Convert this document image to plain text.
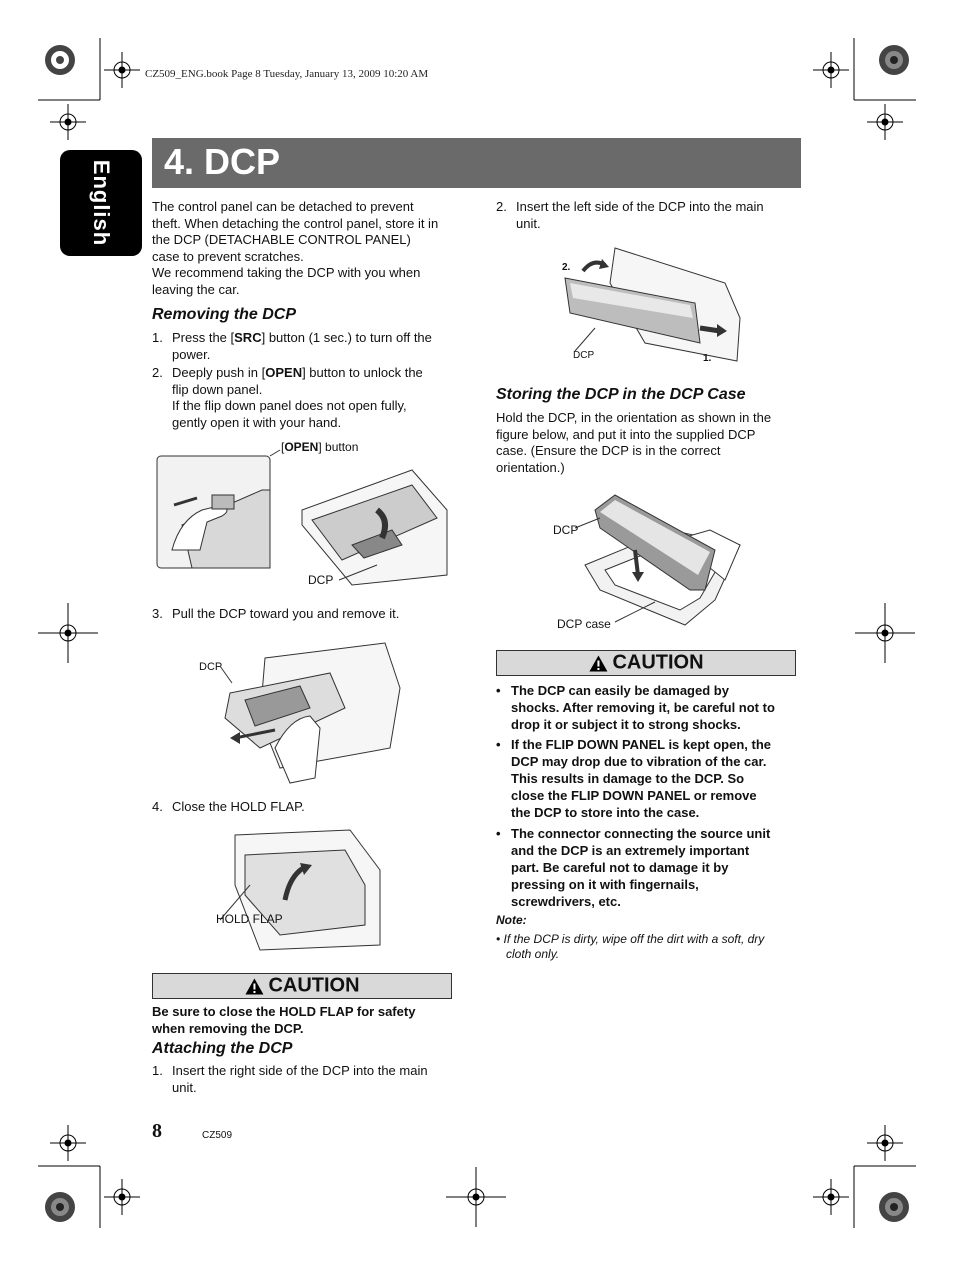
CZ509_ENG.book Page 8 Tuesday, January 13, 2009 10:20 AM
English 4. DCP
The control panel can be detached to prevent
theft. When detaching the control panel, store it in
the DCP (DETACHABLE CONTROL PANEL)
case to prevent scratches.
We recommend taking the DCP with you when
leaving the car.
Removing the DCP
1. Press the [SRC] button (1 sec.) to turn off the
power.
2. Deeply push in [OPEN] button to unlock the
flip down panel.
If the flip down panel does not open fully,
gently open it with your hand.
[OPEN] button
DCP
3. Pull the DCP toward you and remove it.
DCP
4. Close the HOLD FLAP.
HOLD FLAP
CAUTION
Be sure to close the HOLD FLAP for safety
when removing the DCP.
Attaching the DCP
1. Insert the right side of the DCP into the main
unit.
2. Insert the left side of the DCP into the main
unit.
2.
1.
DCP
Storing the DCP in the DCP Case
Hold the DCP, in the orientation as shown in the
figure below, and put it into the supplied DCP
case. (Ensure the DCP is in the correct
orientation.)
DCP
DCP case
CAUTION
• The DCP can easily be damaged by
shocks. After removing it, be careful not to
drop it or subject it to strong shocks.
• If the FLIP DOWN PANEL is kept open, the
DCP may drop due to vibration of the car.
This results in damage to the DCP. So
close the FLIP DOWN PANEL or remove
the DCP to store into the case.
• The connector connecting the source unit
and the DCP is an extremely important
part. Be careful not to damage it by
pressing on it with fingernails,
screwdrivers, etc.
Note:
• If the DCP is dirty, wipe off the dirt with a soft, dry
cloth only.
8	CZ509
